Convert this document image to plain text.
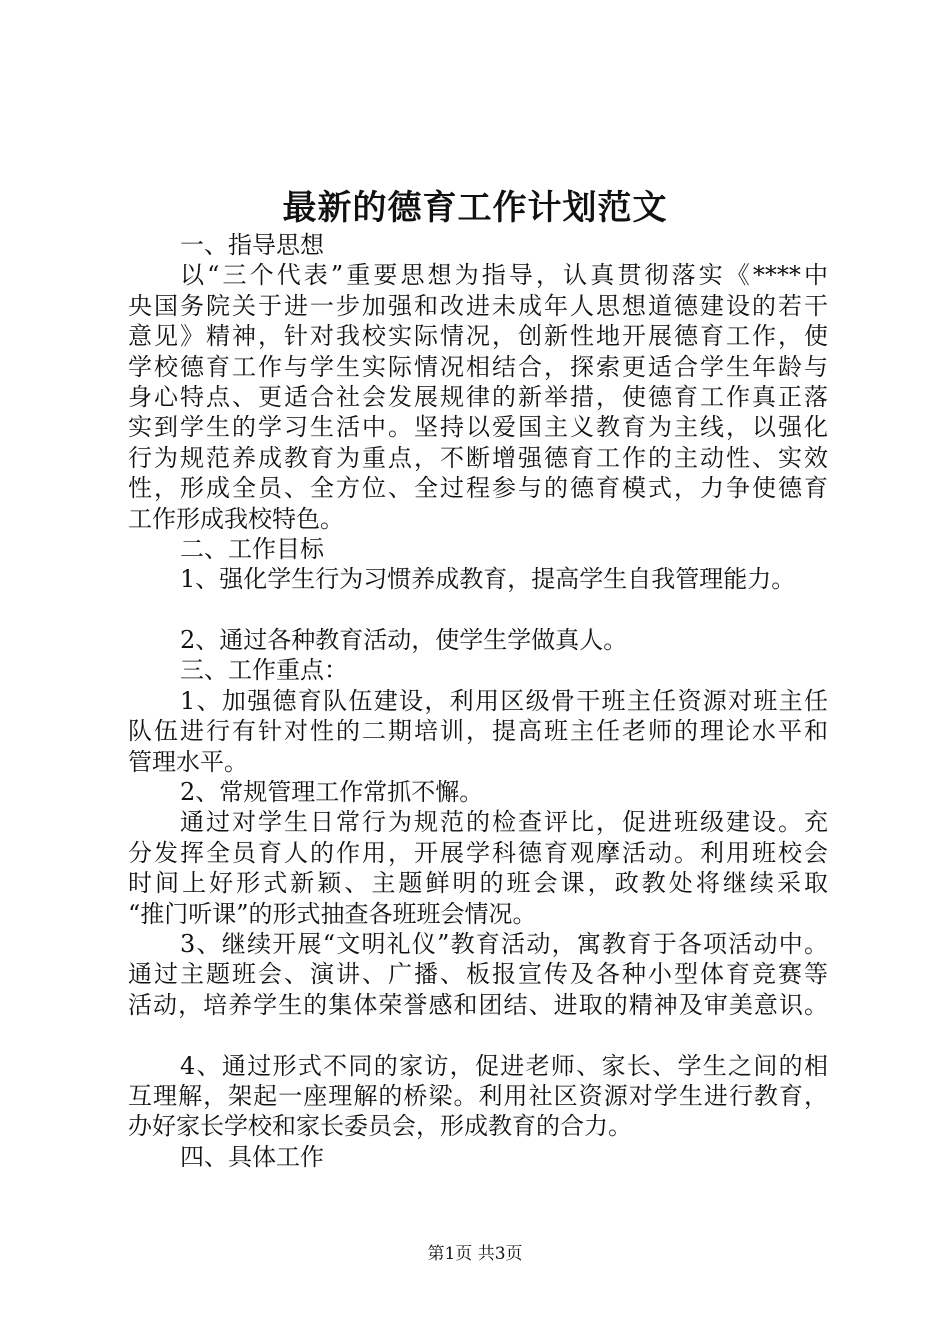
最新的德育工作计划范文
一、指导思想
以“三个代表”重要思想为指导，认真贯彻落实《****中
央国务院关于进一步加强和改进未成年人思想道德建设的若干
意见》精神，针对我校实际情况，创新性地开展德育工作，使
学校德育工作与学生实际情况相结合，探索更适合学生年龄与
身心特点、更适合社会发展规律的新举措，使德育工作真正落
实到学生的学习生活中。坚持以爱国主义教育为主线，以强化
行为规范养成教育为重点，不断增强德育工作的主动性、实效
性，形成全员、全方位、全过程参与的德育模式，力争使德育
工作形成我校特色。
二、工作目标
1、强化学生行为习惯养成教育，提高学生自我管理能力。
2、通过各种教育活动，使学生学做真人。
三、工作重点：
1、加强德育队伍建设，利用区级骨干班主任资源对班主任
队伍进行有针对性的二期培训，提高班主任老师的理论水平和
管理水平。
2、常规管理工作常抓不懈。
通过对学生日常行为规范的检查评比，促进班级建设。充
分发挥全员育人的作用，开展学科德育观摩活动。利用班校会
时间上好形式新颖、主题鲜明的班会课，政教处将继续采取
“推门听课”的形式抽查各班班会情况。
3、继续开展“文明礼仪”教育活动，寓教育于各项活动中。
通过主题班会、演讲、广播、板报宣传及各种小型体育竞赛等
活动，培养学生的集体荣誉感和团结、进取的精神及审美意识。
4、通过形式不同的家访，促进老师、家长、学生之间的相
互理解，架起一座理解的桥梁。利用社区资源对学生进行教育，
办好家长学校和家长委员会，形成教育的合力。
四、具体工作
第1页 共3页
